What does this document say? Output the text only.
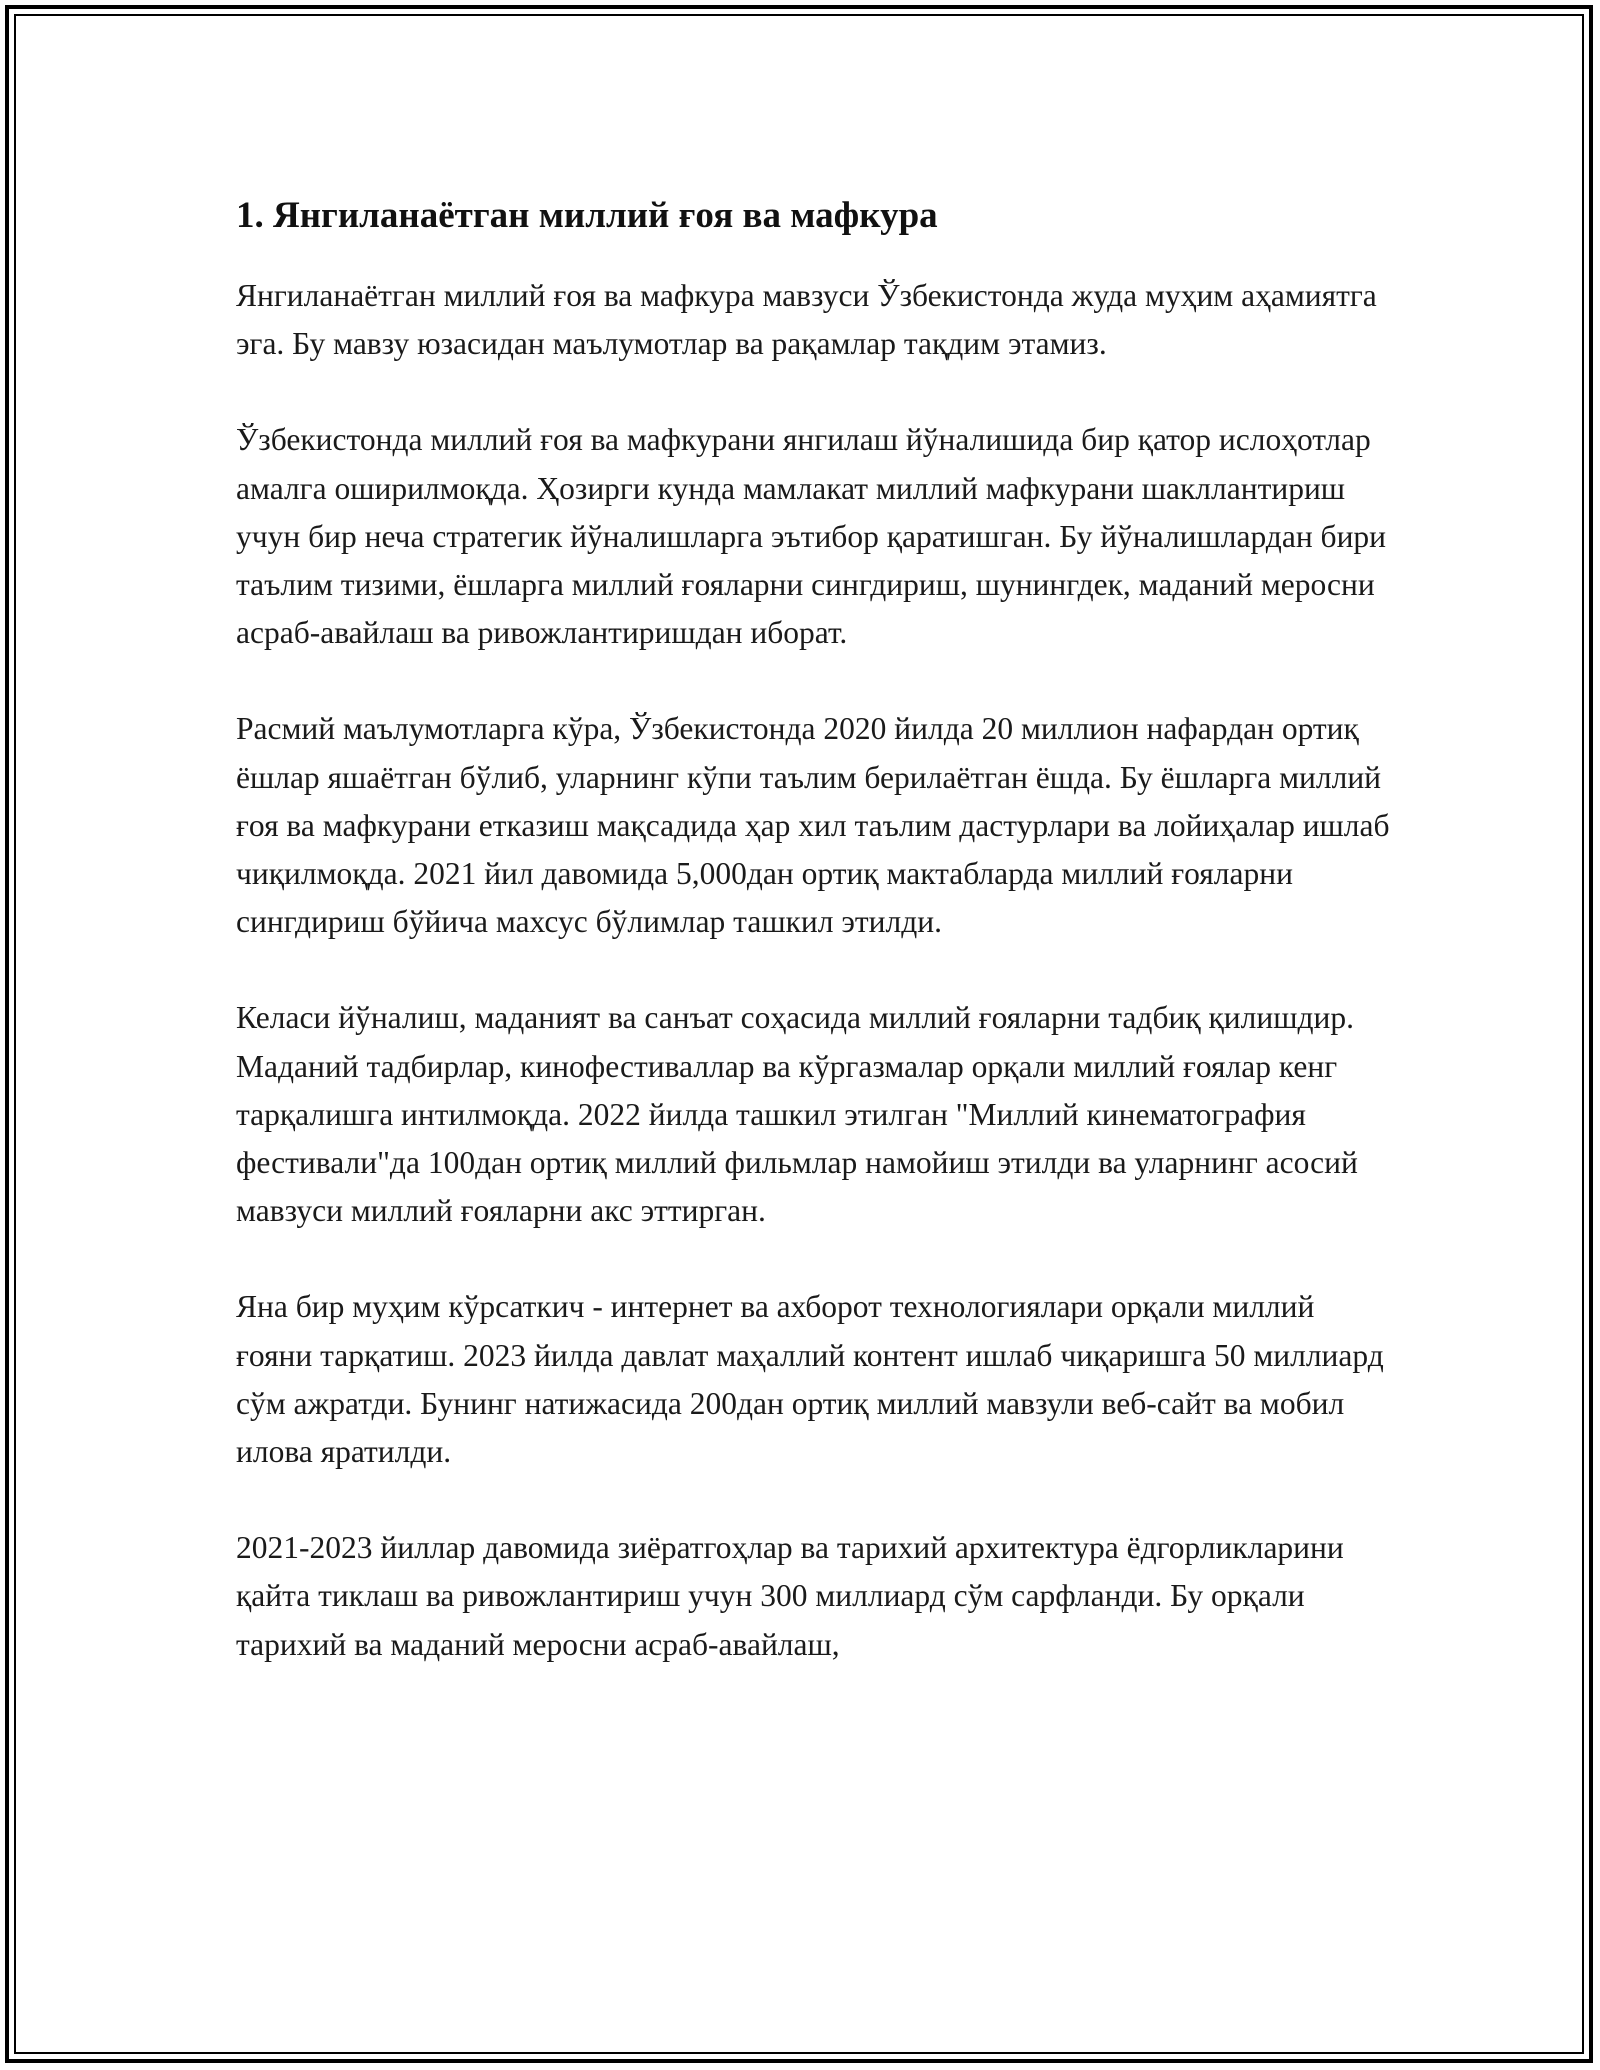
1. Янгиланаётган миллий ғоя ва мафкура

Янгиланаётган миллий ғоя ва мафкура мавзуси Ўзбекистонда жуда муҳим аҳамиятга эга. Бу мавзу юзасидан маълумотлар ва рақамлар тақдим этамиз.

Ўзбекистонда миллий ғоя ва мафкурани янгилаш йўналишида бир қатор ислоҳотлар амалга оширилмоқда. Ҳозирги кунда мамлакат миллий мафкурани шакллантириш учун бир неча стратегик йўналишларга эътибор қаратишган. Бу йўналишлардан бири таълим тизими, ёшларга миллий ғояларни сингдириш, шунингдек, маданий меросни асраб-авайлаш ва ривожлантиришдан иборат.

Расмий маълумотларга кўра, Ўзбекистонда 2020 йилда 20 миллион нафардан ортиқ ёшлар яшаётган бўлиб, уларнинг кўпи таълим берилаётган ёшда. Бу ёшларга миллий ғоя ва мафкурани етказиш мақсадида ҳар хил таълим дастурлари ва лойиҳалар ишлаб чиқилмоқда. 2021 йил давомида 5,000дан ортиқ мактабларда миллий ғояларни сингдириш бўйича махсус бўлимлар ташкил этилди.

Келаси йўналиш, маданият ва санъат соҳасида миллий ғояларни тадбиқ қилишдир. Маданий тадбирлар, кинофестиваллар ва кўргазмалар орқали миллий ғоялар кенг тарқалишга интилмоқда. 2022 йилда ташкил этилган "Миллий кинематография фестивали"да 100дан ортиқ миллий фильмлар намойиш этилди ва уларнинг асосий мавзуси миллий ғояларни акс эттирган.

Яна бир муҳим кўрсаткич - интернет ва ахборот технологиялари орқали миллий ғояни тарқатиш. 2023 йилда давлат маҳаллий контент ишлаб чиқаришга 50 миллиард сўм ажратди. Бунинг натижасида 200дан ортиқ миллий мавзули веб-сайт ва мобил илова яратилди.

2021-2023 йиллар давомида зиёратгоҳлар ва тарихий архитектура ёдгорликларини қайта тиклаш ва ривожлантириш учун 300 миллиард сўм сарфланди. Бу орқали тарихий ва маданий меросни асраб-авайлаш,
